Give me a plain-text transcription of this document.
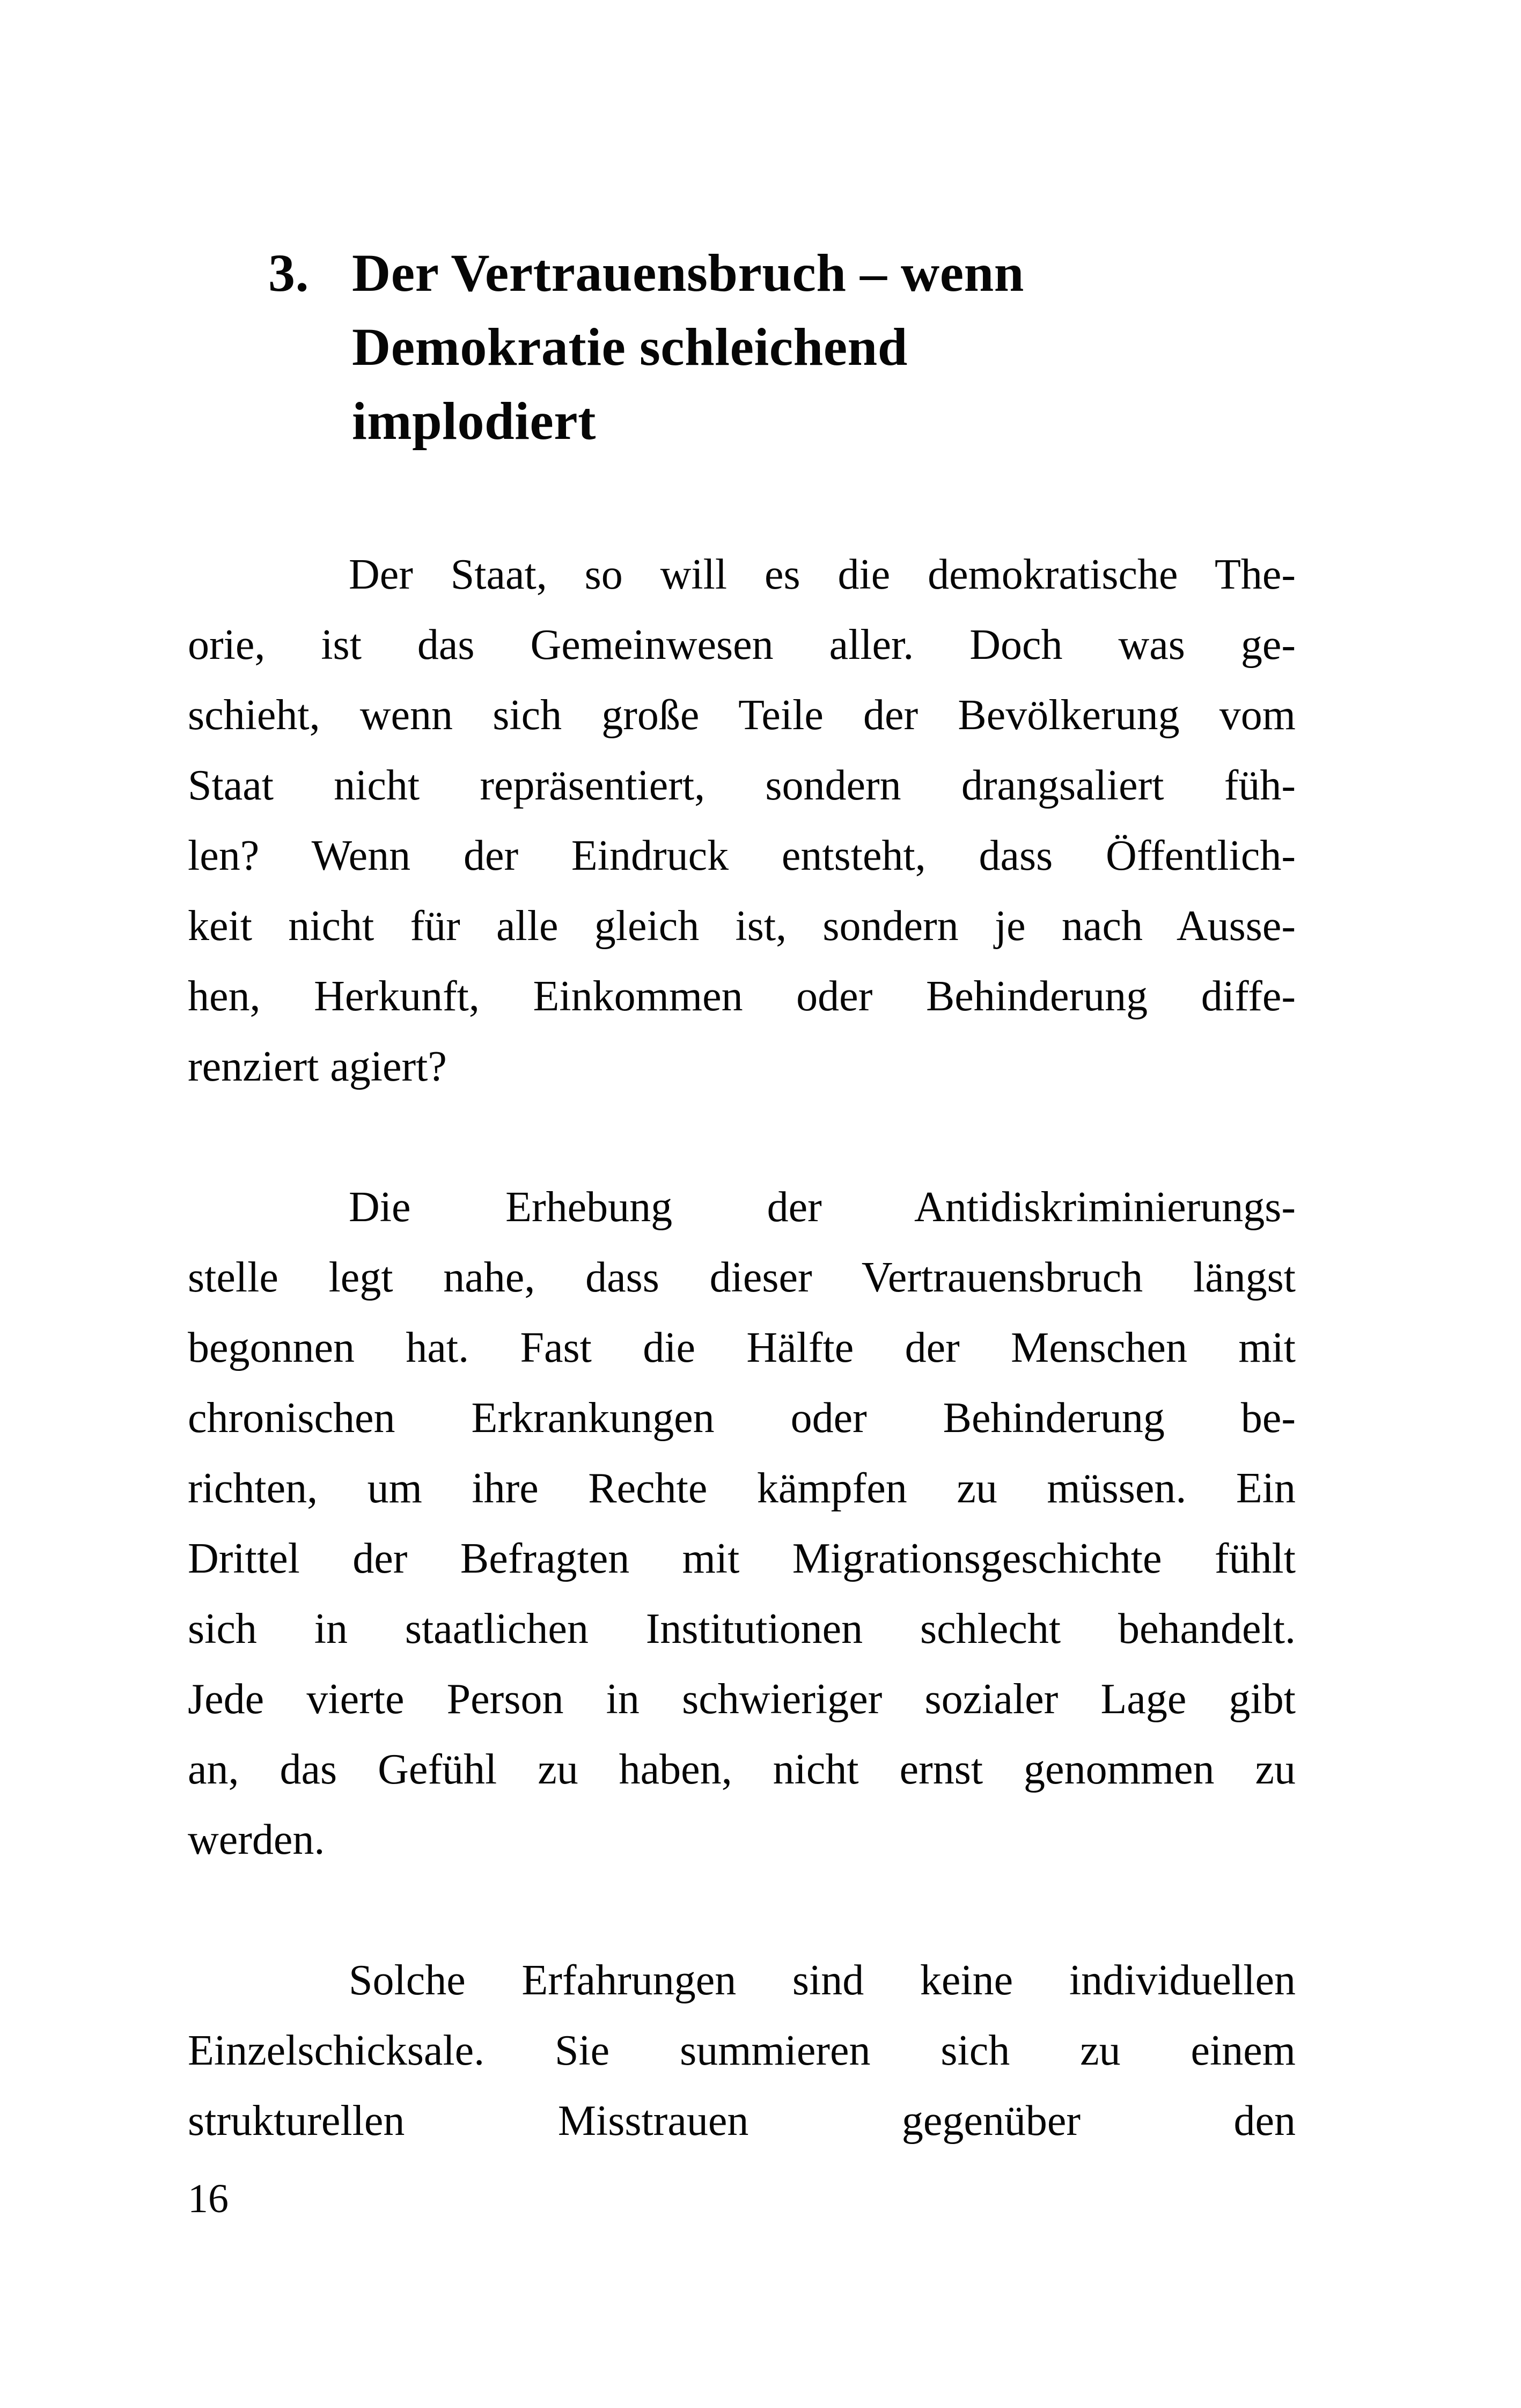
3. Der Vertrauensbruch – wenn
Demokratie schleichend
implodiert
Der Staat, so will es die demokratische The-
orie, ist das Gemeinwesen aller. Doch was ge-
schieht, wenn sich große Teile der Bevölkerung vom
Staat nicht repräsentiert, sondern drangsaliert füh-
len? Wenn der Eindruck entsteht, dass Öffentlich-
keit nicht für alle gleich ist, sondern je nach Ausse-
hen, Herkunft, Einkommen oder Behinderung diffe-
renziert agiert?
Die Erhebung der Antidiskriminierungs-
stelle legt nahe, dass dieser Vertrauensbruch längst
begonnen hat. Fast die Hälfte der Menschen mit
chronischen Erkrankungen oder Behinderung be-
richten, um ihre Rechte kämpfen zu müssen. Ein
Drittel der Befragten mit Migrationsgeschichte fühlt
sich in staatlichen Institutionen schlecht behandelt.
Jede vierte Person in schwieriger sozialer Lage gibt
an, das Gefühl zu haben, nicht ernst genommen zu
werden.
Solche Erfahrungen sind keine individuellen
Einzelschicksale. Sie summieren sich zu einem
strukturellen Misstrauen gegenüber den
16
